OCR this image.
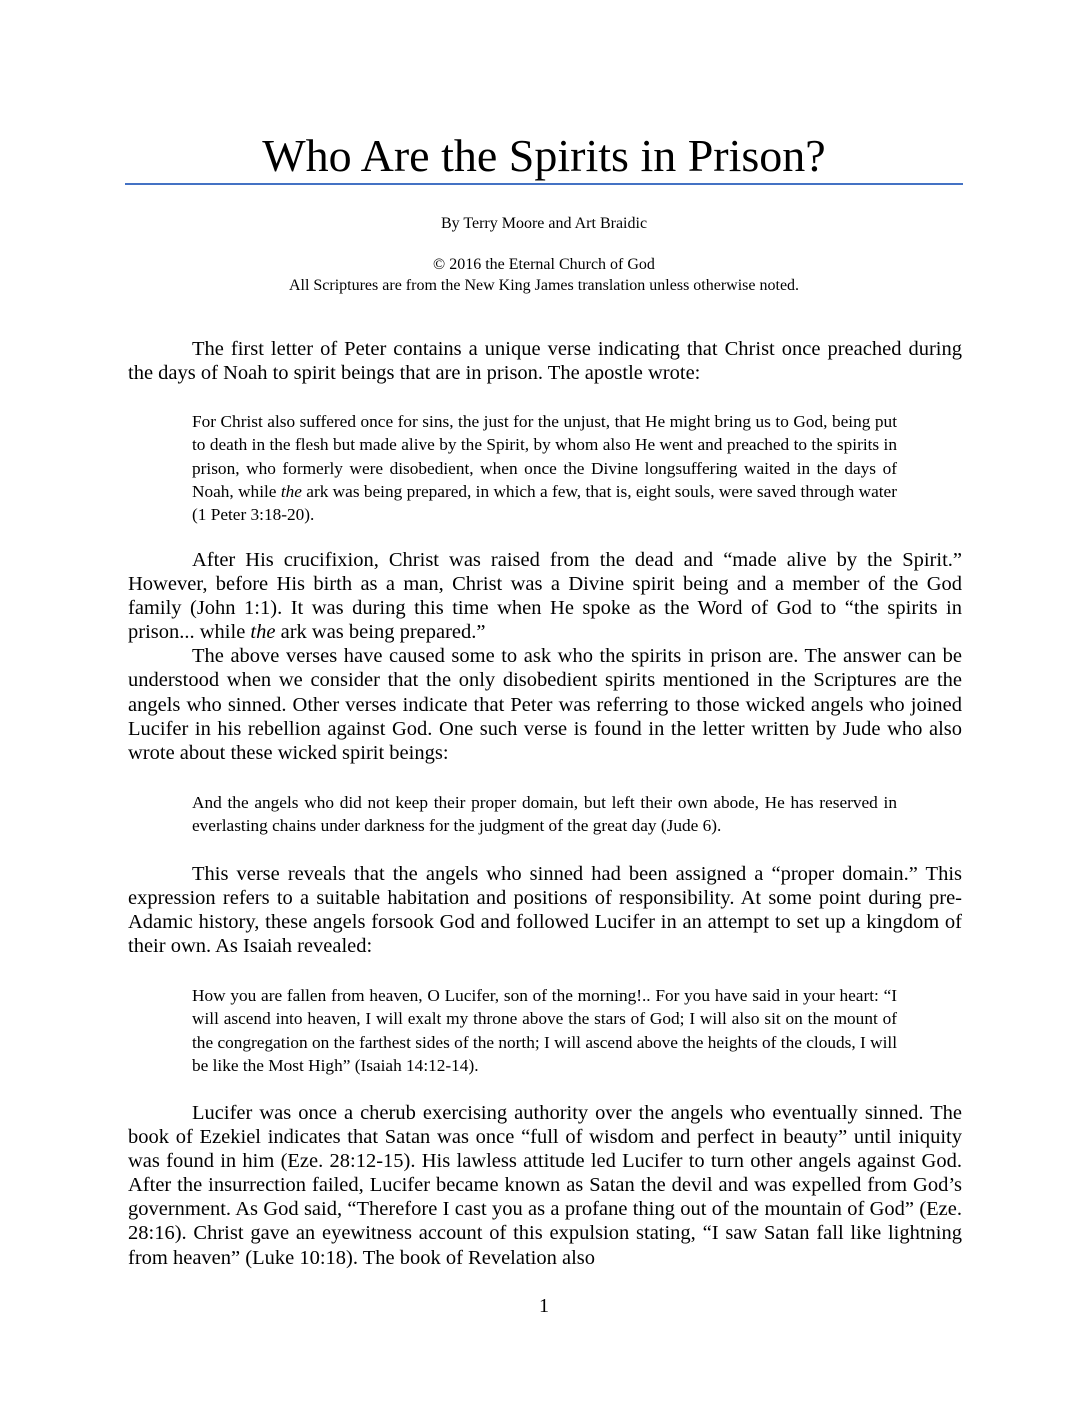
Who Are the Spirits in Prison?
By Terry Moore and Art Braidic
© 2016 the Eternal Church of God
All Scriptures are from the New King James translation unless otherwise noted.

The first letter of Peter contains a unique verse indicating that Christ once preached during the days of Noah to spirit beings that are in prison. The apostle wrote:

For Christ also suffered once for sins, the just for the unjust, that He might bring us to God, being put to death in the flesh but made alive by the Spirit, by whom also He went and preached to the spirits in prison, who formerly were disobedient, when once the Divine longsuffering waited in the days of Noah, while the ark was being prepared, in which a few, that is, eight souls, were saved through water (1 Peter 3:18-20).

After His crucifixion, Christ was raised from the dead and “made alive by the Spirit.” However, before His birth as a man, Christ was a Divine spirit being and a member of the God family (John 1:1). It was during this time when He spoke as the Word of God to “the spirits in prison... while the ark was being prepared.”

The above verses have caused some to ask who the spirits in prison are. The answer can be understood when we consider that the only disobedient spirits mentioned in the Scriptures are the angels who sinned. Other verses indicate that Peter was referring to those wicked angels who joined Lucifer in his rebellion against God. One such verse is found in the letter written by Jude who also wrote about these wicked spirit beings:

And the angels who did not keep their proper domain, but left their own abode, He has reserved in everlasting chains under darkness for the judgment of the great day (Jude 6).

This verse reveals that the angels who sinned had been assigned a “proper domain.” This expression refers to a suitable habitation and positions of responsibility. At some point during pre-Adamic history, these angels forsook God and followed Lucifer in an attempt to set up a kingdom of their own. As Isaiah revealed:

How you are fallen from heaven, O Lucifer, son of the morning!.. For you have said in your heart: “I will ascend into heaven, I will exalt my throne above the stars of God; I will also sit on the mount of the congregation on the farthest sides of the north; I will ascend above the heights of the clouds, I will be like the Most High” (Isaiah 14:12-14).

Lucifer was once a cherub exercising authority over the angels who eventually sinned. The book of Ezekiel indicates that Satan was once “full of wisdom and perfect in beauty” until iniquity was found in him (Eze. 28:12-15). His lawless attitude led Lucifer to turn other angels against God. After the insurrection failed, Lucifer became known as Satan the devil and was expelled from God’s government. As God said, “Therefore I cast you as a profane thing out of the mountain of God” (Eze. 28:16). Christ gave an eyewitness account of this expulsion stating, “I saw Satan fall like lightning from heaven” (Luke 10:18). The book of Revelation also

1
